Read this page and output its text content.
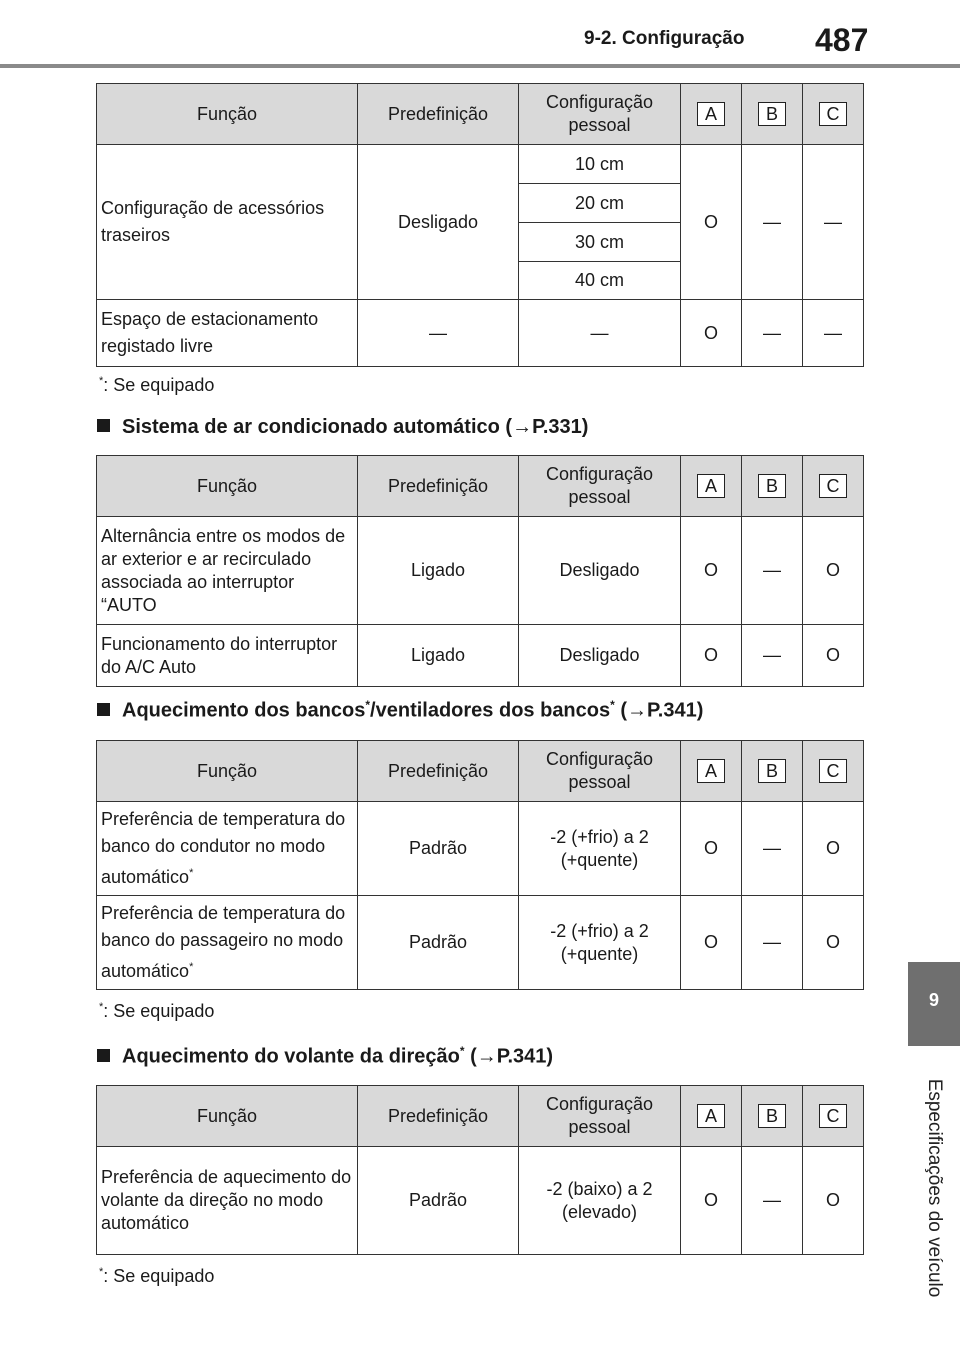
9-2. Configuração 487
9
Especificações do veículo
Função	Predefinição	Configuração pessoal	A	B	C
Configuração de acessórios traseiros	Desligado	10 cm	O	—	—
		20 cm			
		30 cm			
		40 cm			
Espaço de estacionamento registado livre	—	—	O	—	—
*: Se equipado
Sistema de ar condicionado automático (→P.331)
Função	Predefinição	Configuração pessoal	A	B	C
Alternância entre os modos de ar exterior e ar recirculado associada ao interruptor “AUTO	Ligado	Desligado	O	—	O
Funcionamento do interruptor do A/C Auto	Ligado	Desligado	O	—	O
Aquecimento dos bancos*/ventiladores dos bancos* (→P.341)
Função	Predefinição	Configuração pessoal	A	B	C
Preferência de temperatura do banco do condutor no modo automático*	Padrão	-2 (+frio) a 2 (+quente)	O	—	O
Preferência de temperatura do banco do passageiro no modo automático*	Padrão	-2 (+frio) a 2 (+quente)	O	—	O
*: Se equipado
Aquecimento do volante da direção* (→P.341)
Função	Predefinição	Configuração pessoal	A	B	C
Preferência de aquecimento do volante da direção no modo automático	Padrão	-2 (baixo) a 2 (elevado)	O	—	O
*: Se equipado
